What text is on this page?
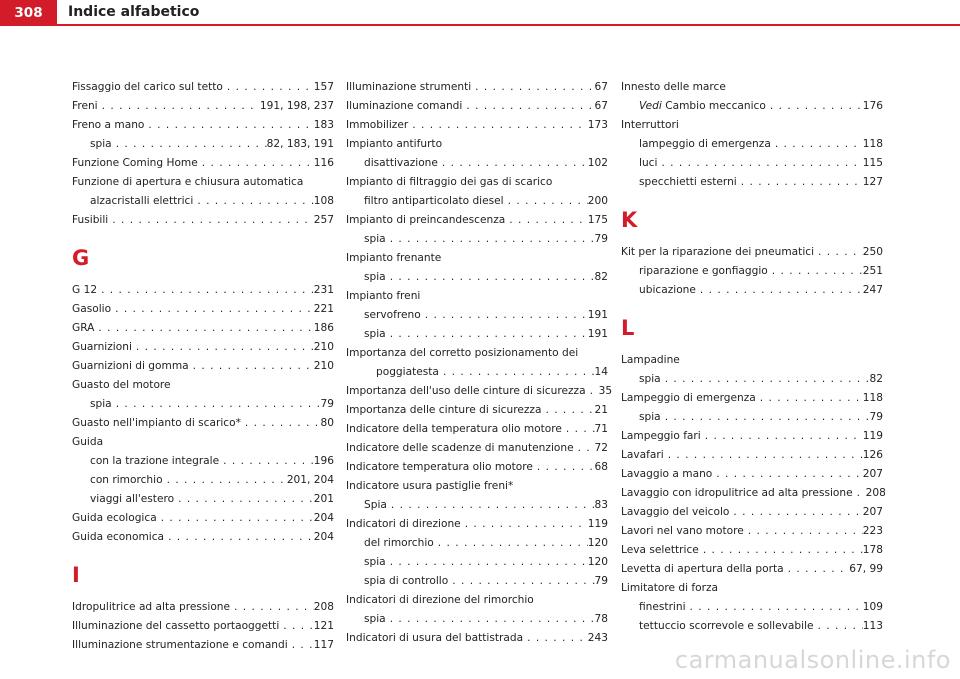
308	Indice alfabetico
Fissaggio del carico sul tetto . . .	157
Freni . . .	191, 198, 237
Freno a mano . . .	183
spia . . .	82, 183, 191
Funzione Coming Home . . .	116
Funzione di apertura e chiusura automatica
alzacristalli elettrici . . .	108
Fusibili . . .	257
G
G 12 . . .	231
Gasolio . . .	221
GRA . . .	186
Guarnizioni . . .	210
Guarnizioni di gomma . . .	210
Guasto del motore
spia . . .	79
Guasto nell'impianto di scarico* . . .	80
Guida
con la trazione integrale . . .	196
con rimorchio . . .	201, 204
viaggi all'estero . . .	201
Guida ecologica . . .	204
Guida economica . . .	204
I
Idropulitrice ad alta pressione . . .	208
Illuminazione del cassetto portaoggetti . . .	121
Illuminazione strumentazione e comandi . . . 117
Illuminazione strumenti . . .	67
Iluminazione comandi . . .	67
Immobilizer . . .	173
Impianto antifurto
disattivazione . . .	102
Impianto di filtraggio dei gas di scarico
filtro antiparticolato diesel . . .	200
Impianto di preincandescenza . . .	175
spia . . .	79
Impianto frenante
spia . . .	82
Impianto freni
servofreno . . .	191
spia . . .	191
Importanza del corretto posizionamento dei
poggiatesta . . .	14
Importanza dell'uso delle cinture di sicurezza . . . 35
Importanza delle cinture di sicurezza . . .	21
Indicatore della temperatura olio motore . . .	71
Indicatore delle scadenze di manutenzione . . . 72
Indicatore temperatura olio motore . . .	68
Indicatore usura pastiglie freni*
Spia . . .	83
Indicatori di direzione . . .	119
del rimorchio . . .	120
spia . . .	120
spia di controllo . . .	79
Indicatori di direzione del rimorchio
spia . . .	78
Indicatori di usura del battistrada . . .	243
Innesto delle marce
Vedi Cambio meccanico . . .	176
Interruttori
lampeggio di emergenza . . .	118
luci . . .	115
specchietti esterni . . .	127
K
Kit per la riparazione dei pneumatici . . .	250
riparazione e gonfiaggio . . .	251
ubicazione . . .	247
L
Lampadine
spia . . .	82
Lampeggio di emergenza . . .	118
spia . . .	79
Lampeggio fari . . .	119
Lavafari . . .	126
Lavaggio a mano . . .	207
Lavaggio con idropulitrice ad alta pressione . . . 208
Lavaggio del veicolo . . .	207
Lavori nel vano motore . . .	223
Leva selettrice . . .	178
Levetta di apertura della porta . . .	67, 99
Limitatore di forza
finestrini . . .	109
tettuccio scorrevole e sollevabile . . .	113
carmanualsonline.info
